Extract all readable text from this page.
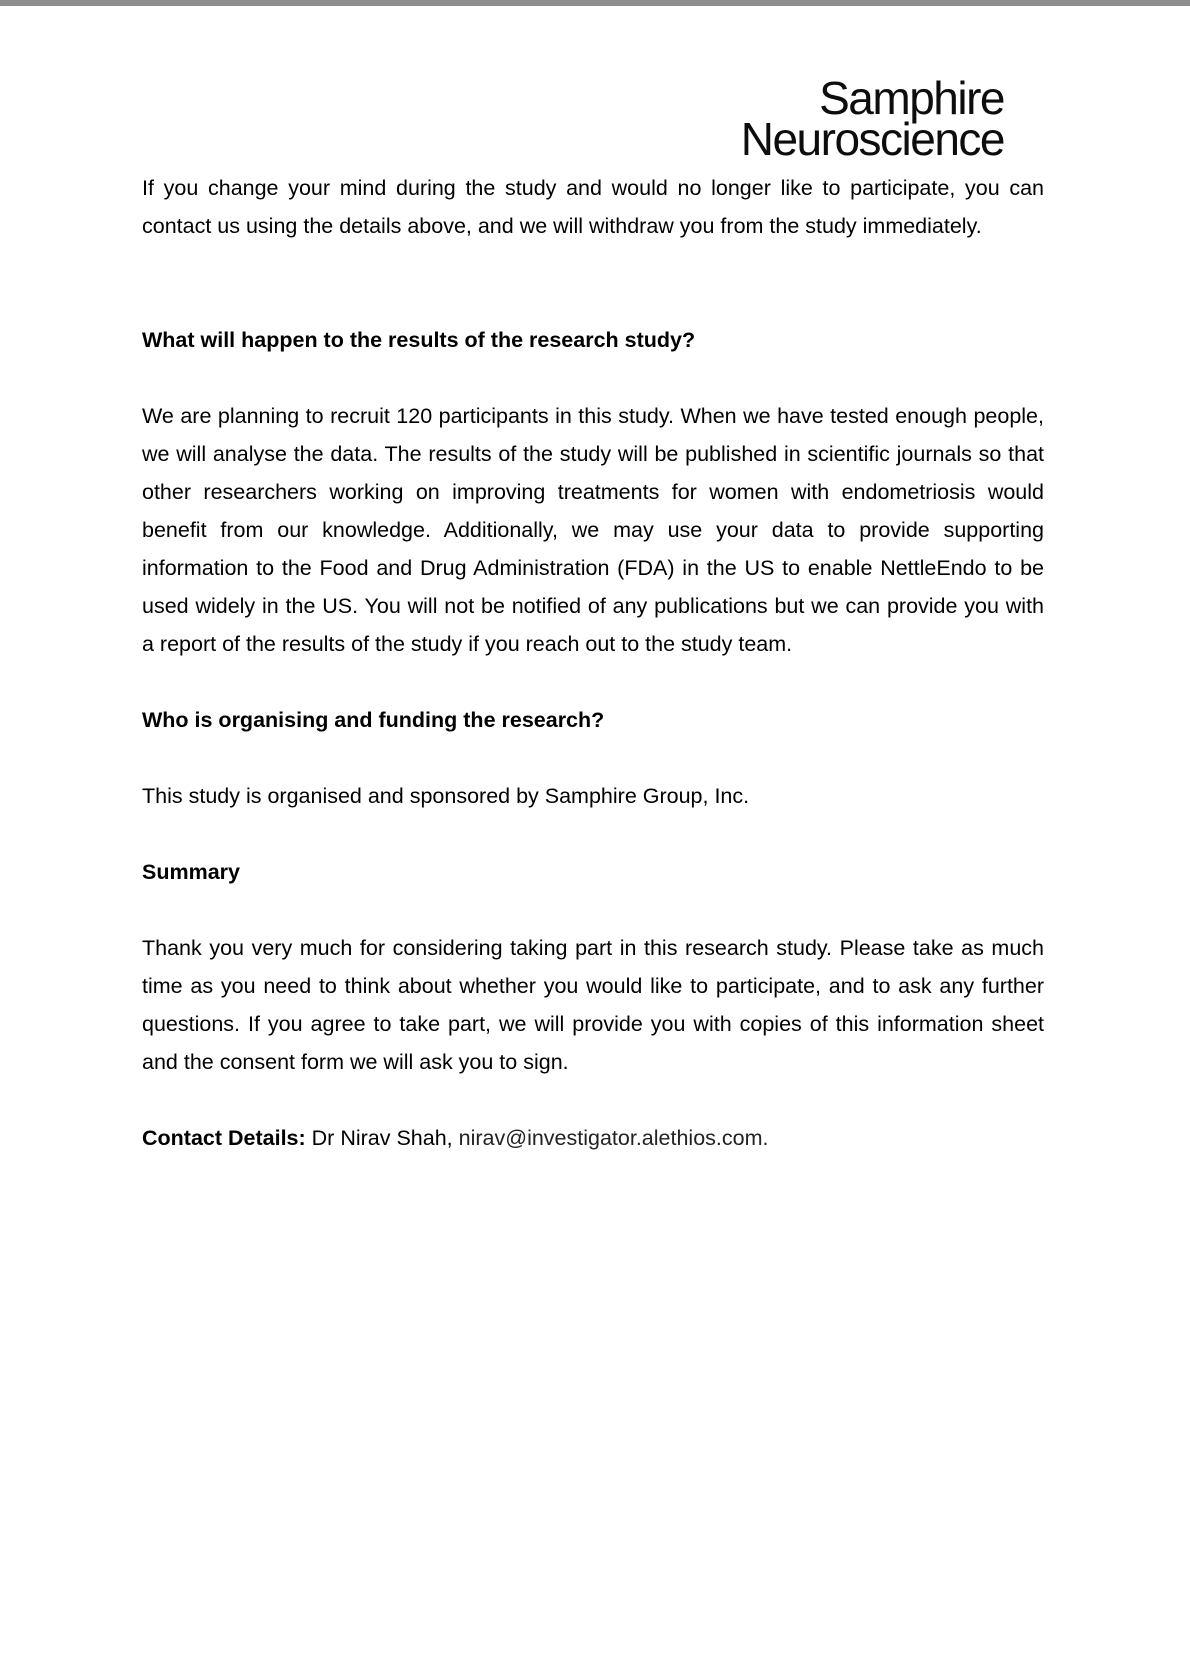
Samphire
Neuroscience

If you change your mind during the study and would no longer like to participate, you can contact us using the details above, and we will withdraw you from the study immediately.

What will happen to the results of the research study?

We are planning to recruit 120 participants in this study. When we have tested enough people, we will analyse the data. The results of the study will be published in scientific journals so that other researchers working on improving treatments for women with endometriosis would benefit from our knowledge. Additionally, we may use your data to provide supporting information to the Food and Drug Administration (FDA) in the US to enable NettleEndo to be used widely in the US. You will not be notified of any publications but we can provide you with a report of the results of the study if you reach out to the study team.

Who is organising and funding the research?

This study is organised and sponsored by Samphire Group, Inc.

Summary

Thank you very much for considering taking part in this research study. Please take as much time as you need to think about whether you would like to participate, and to ask any further questions. If you agree to take part, we will provide you with copies of this information sheet and the consent form we will ask you to sign.

Contact Details: Dr Nirav Shah, nirav@investigator.alethios.com.
